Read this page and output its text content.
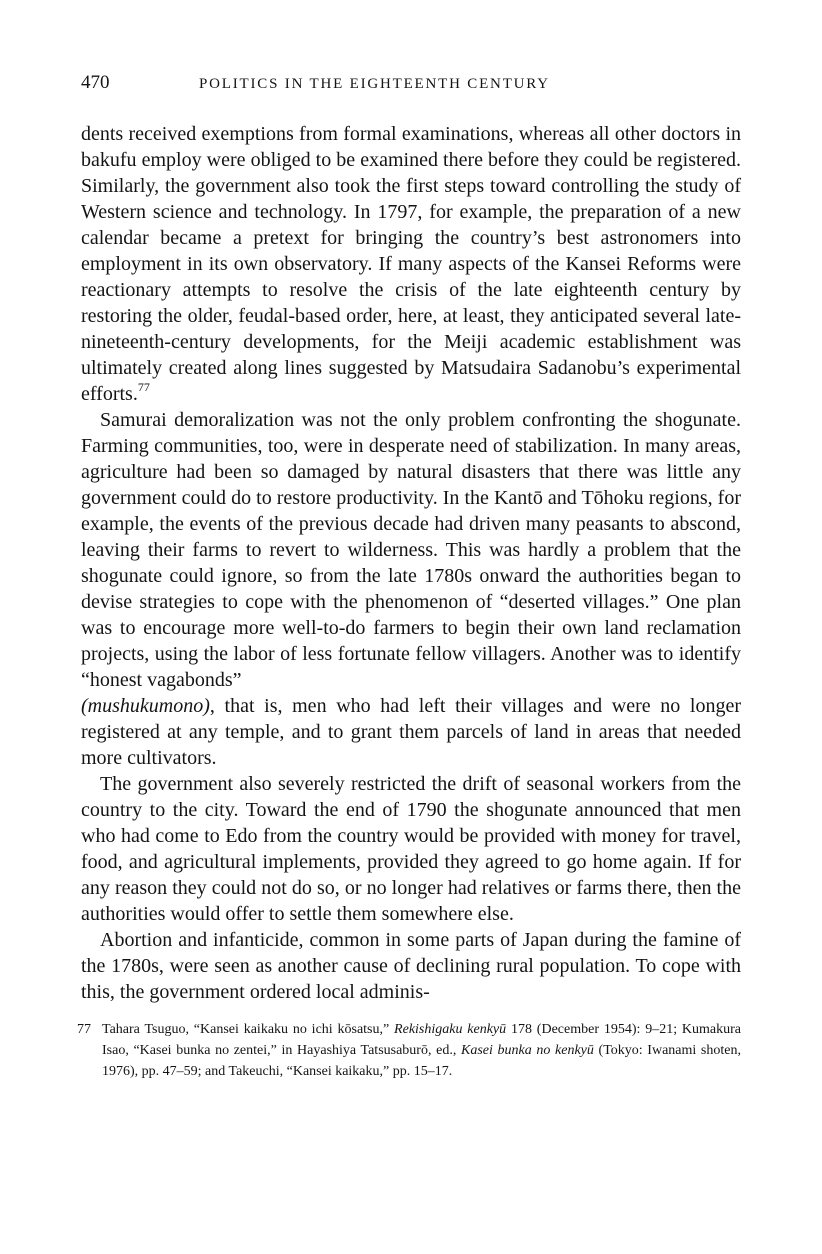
470	POLITICS IN THE EIGHTEENTH CENTURY

dents received exemptions from formal examinations, whereas all other doctors in bakufu employ were obliged to be examined there before they could be registered. Similarly, the government also took the first steps toward controlling the study of Western science and technology. In 1797, for example, the preparation of a new calendar became a pretext for bringing the country’s best astronomers into employment in its own observatory. If many aspects of the Kansei Reforms were reactionary attempts to resolve the crisis of the late eighteenth century by restoring the older, feudal-based order, here, at least, they anticipated several late-nineteenth-century developments, for the Meiji academic establishment was ultimately created along lines suggested by Matsudaira Sadanobu’s experimental efforts.$^{77}$

Samurai demoralization was not the only problem confronting the shogunate. Farming communities, too, were in desperate need of stabilization. In many areas, agriculture had been so damaged by natural disasters that there was little any government could do to restore productivity. In the Kantō and Tōhoku regions, for example, the events of the previous decade had driven many peasants to abscond, leaving their farms to revert to wilderness. This was hardly a problem that the shogunate could ignore, so from the late 1780s onward the authorities began to devise strategies to cope with the phenomenon of “deserted villages.” One plan was to encourage more well-to-do farmers to begin their own land reclamation projects, using the labor of less fortunate fellow villagers. Another was to identify “honest vagabonds”
(mushukumono), that is, men who had left their villages and were no longer registered at any temple, and to grant them parcels of land in areas that needed more cultivators.

The government also severely restricted the drift of seasonal workers from the country to the city. Toward the end of 1790 the shogunate announced that men who had come to Edo from the country would be provided with money for travel, food, and agricultural implements, provided they agreed to go home again. If for any reason they could not do so, or no longer had relatives or farms there, then the authorities would offer to settle them somewhere else.

Abortion and infanticide, common in some parts of Japan during the famine of the 1780s, were seen as another cause of declining rural population. To cope with this, the government ordered local adminis-

77 Tahara Tsuguo, “Kansei kaikaku no ichi kōsatsu,” Rekishigaku kenkyū 178 (December 1954): 9–21; Kumakura Isao, “Kasei bunka no zentei,” in Hayashiya Tatsusaburō, ed., Kasei bunka no kenkyū (Tokyo: Iwanami shoten, 1976), pp. 47–59; and Takeuchi, “Kansei kaikaku,” pp. 15–17.
